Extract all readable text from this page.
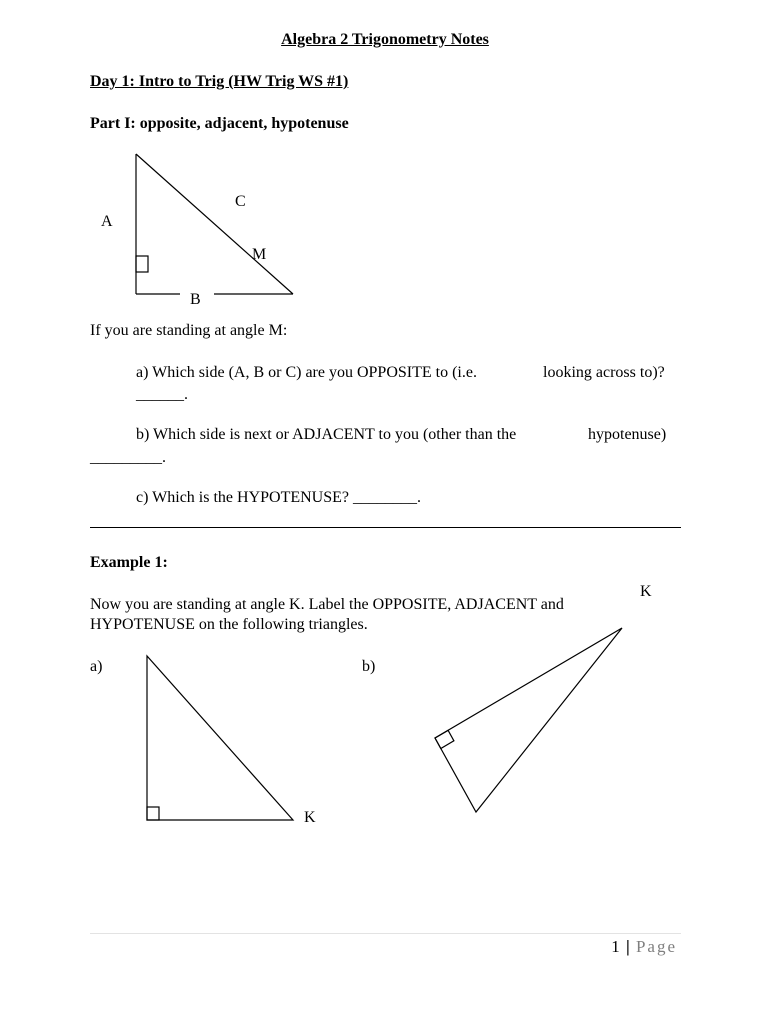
Algebra 2 Trigonometry Notes
Day 1: Intro to Trig (HW Trig WS #1)
Part I: opposite, adjacent, hypotenuse
A
C
M
B
If you are standing at angle M:
a) Which side (A, B or C) are you OPPOSITE to (i.e.	looking across to)?
______.
b) Which side is next or ADJACENT to you (other than the	hypotenuse)
_________.
c) Which is the HYPOTENUSE? ________.
Example 1:
K
Now you are standing at angle K. Label the OPPOSITE, ADJACENT and
HYPOTENUSE on the following triangles.
a)	b)
K
1 | Page
